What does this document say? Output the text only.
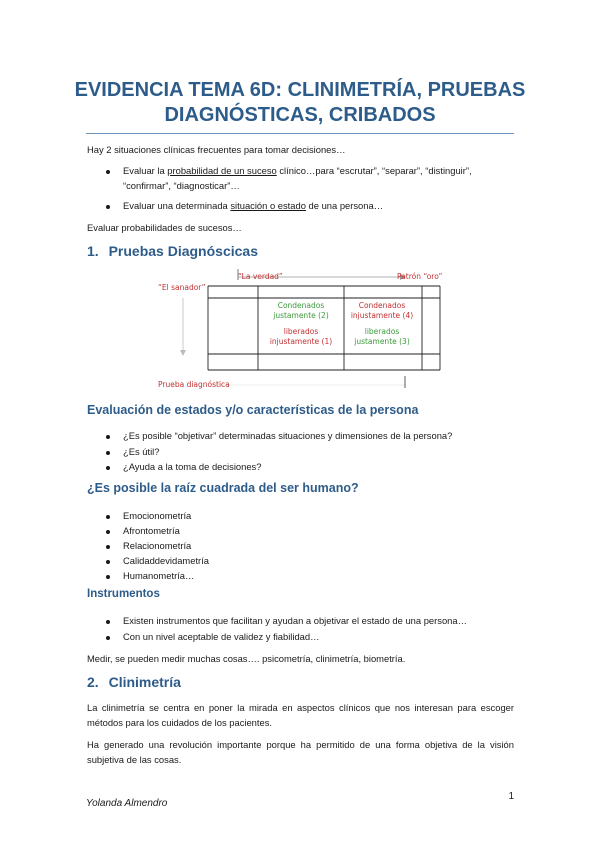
EVIDENCIA TEMA 6D: CLINIMETRÍA, PRUEBAS
DIAGNÓSTICAS, CRIBADOS
Hay 2 situaciones clínicas frecuentes para tomar decisiones…
Evaluar la probabilidad de un suceso clínico…para “escrutar”, “separar”, “distinguir”,
“confirmar”, “diagnosticar”…
Evaluar una determinada situación o estado de una persona…
Evaluar probabilidades de sucesos…
1. Pruebas Diagnóscicas
“La verdad”	Patrón “oro”
“El sanador”
Condenados
justamente (2)
Condenados
injustamente (4)
liberados
injustamente (1)
liberados
justamente (3)
Prueba diagnóstica
Evaluación de estados y/o características de la persona
¿Es posible “objetivar” determinadas situaciones y dimensiones de la persona?
¿Es útil?
¿Ayuda a la toma de decisiones?
¿Es posible la raíz cuadrada del ser humano?
Emocionometría
Afrontometría
Relacionometría
Calidaddevidametría
Humanometría…
Instrumentos
Existen instrumentos que facilitan y ayudan a objetivar el estado de una persona…
Con un nivel aceptable de validez y fiabilidad…
Medir, se pueden medir muchas cosas…. psicometría, clinimetría, biometría.
2. Clinimetría
La clinimetría se centra en poner la mirada en aspectos clínicos que nos interesan para escoger métodos para los cuidados de los pacientes.
Ha generado una revolución importante porque ha permitido de una forma objetiva de la visión subjetiva de las cosas.
1
Yolanda Almendro
